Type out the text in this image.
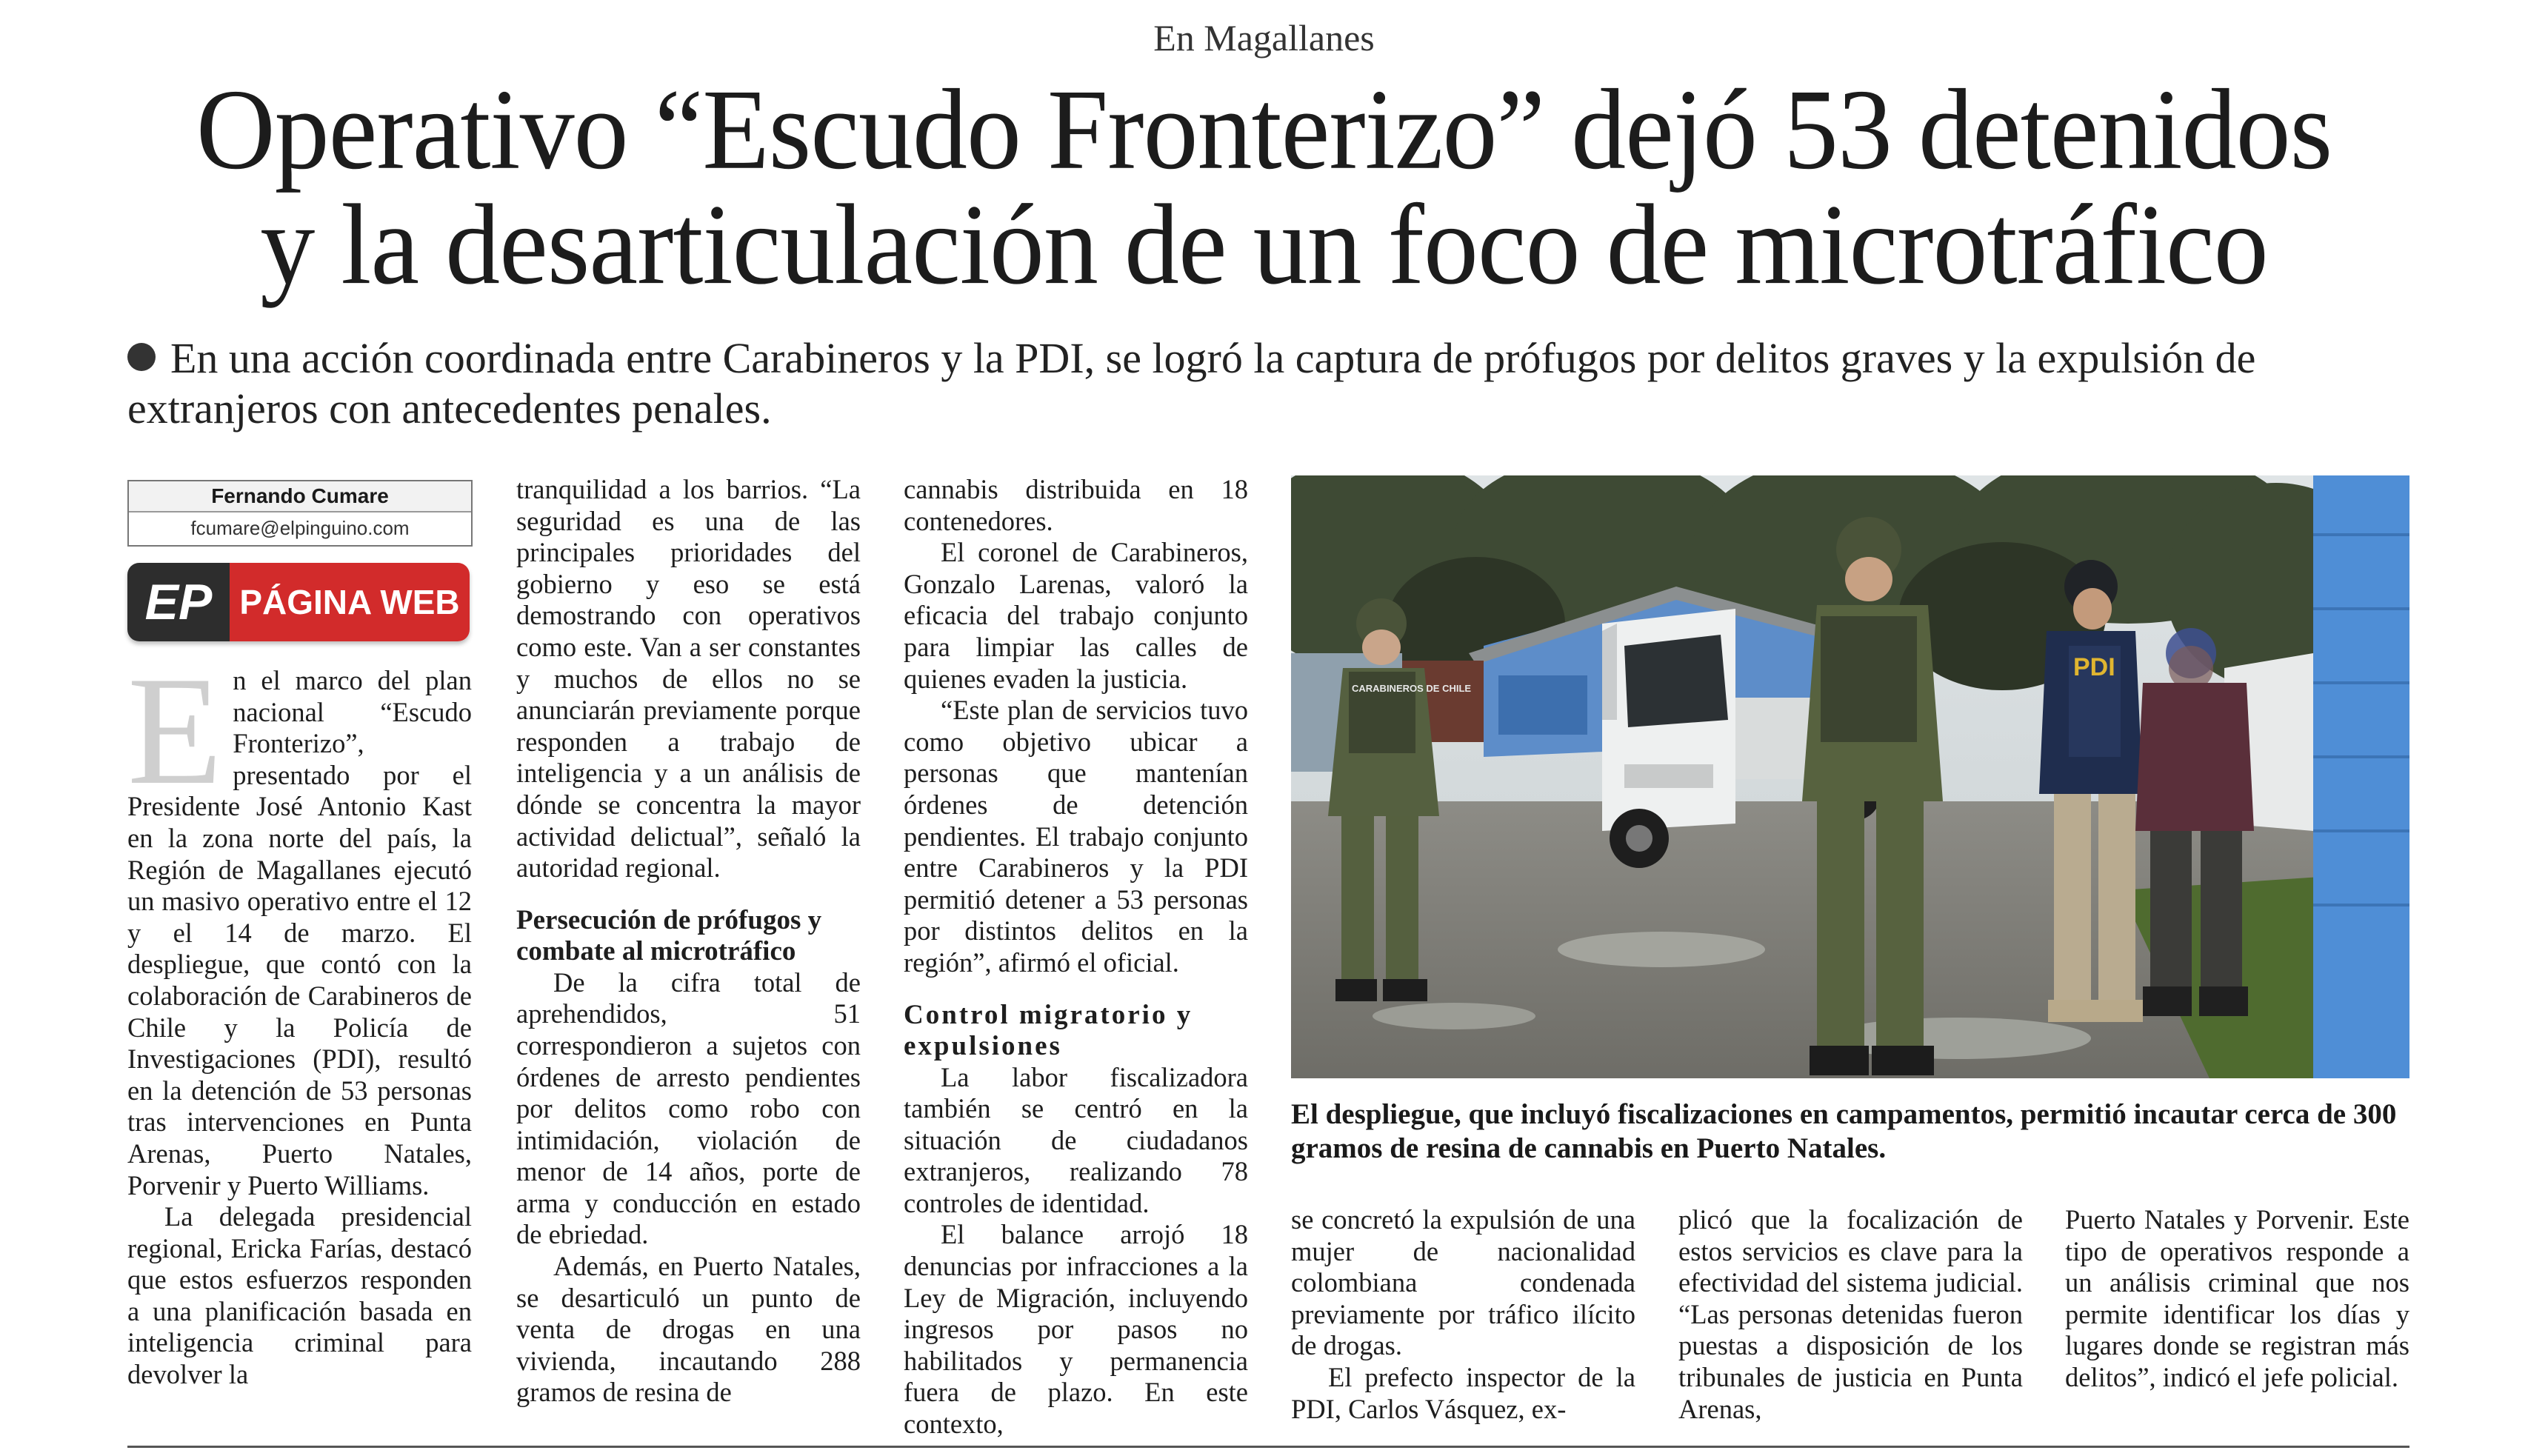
En Magallanes
Operativo “Escudo Fronterizo” dejó 53 detenidos
y la desarticulación de un foco de microtráfico
En una acción coordinada entre Carabineros y la PDI, se logró la captura de prófugos por delitos graves y la expulsión de extranjeros con antecedentes penales.
Fernando Cumare
fcumare@elpinguino.com
EP PÁGINA WEB
E n el marco del plan nacional “Escudo Fronterizo”, presentado por el Presidente José Antonio Kast en la zona norte del país, la Región de Magallanes ejecutó un masivo operativo entre el 12 y el 14 de marzo. El despliegue, que contó con la colaboración de Carabineros de Chile y la Policía de Investigaciones (PDI), resultó en la detención de 53 personas tras intervenciones en Punta Arenas, Puerto Natales, Porvenir y Puerto Williams.

La delegada presidencial regional, Ericka Farías, destacó que estos esfuerzos responden a una planificación basada en inteligencia criminal para devolver la

tranquilidad a los barrios. “La seguridad es una de las principales prioridades del gobierno y eso se está demostrando con operativos como este. Van a ser constantes y muchos de ellos no se anunciarán previamente porque responden a trabajo de inteligencia y a un análisis de dónde se concentra la mayor actividad delictual”, señaló la autoridad regional.

Persecución de prófugos y combate al microtráfico

De la cifra total de aprehendidos, 51 correspondieron a sujetos con órdenes de arresto pendientes por delitos como robo con intimidación, violación de menor de 14 años, porte de arma y conducción en estado de ebriedad.

Además, en Puerto Natales, se desarticuló un punto de venta de drogas en una vivienda, incautando 288 gramos de resina de

cannabis distribuida en 18 contenedores.

El coronel de Carabineros, Gonzalo Larenas, valoró la eficacia del trabajo conjunto para limpiar las calles de quienes evaden la justicia.

“Este plan de servicios tuvo como objetivo ubicar a personas que mantenían órdenes de detención pendientes. El trabajo conjunto entre Carabineros y la PDI permitió detener a 53 personas por distintos delitos en la región”, afirmó el oficial.

Control migratorio y expulsiones

La labor fiscalizadora también se centró en la situación de ciudadanos extranjeros, realizando 78 controles de identidad.

El balance arrojó 18 denuncias por infracciones a la Ley de Migración, incluyendo ingresos por pasos no habilitados y permanencia fuera de plazo. En este contexto,

CARABINEROS DE CHILE
PDI
El despliegue, que incluyó fiscalizaciones en campamentos, permitió incautar cerca de 300 gramos de resina de cannabis en Puerto Natales.

se concretó la expulsión de una mujer de nacionalidad colombiana condenada previamente por tráfico ilícito de drogas.

El prefecto inspector de la PDI, Carlos Vásquez, ex-

plicó que la focalización de estos servicios es clave para la efectividad del sistema judicial. “Las personas detenidas fueron puestas a disposición de los tribunales de justicia en Punta Arenas,

Puerto Natales y Porvenir. Este tipo de operativos responde a un análisis criminal que nos permite identificar los días y lugares donde se registran más delitos”, indicó el jefe policial.
